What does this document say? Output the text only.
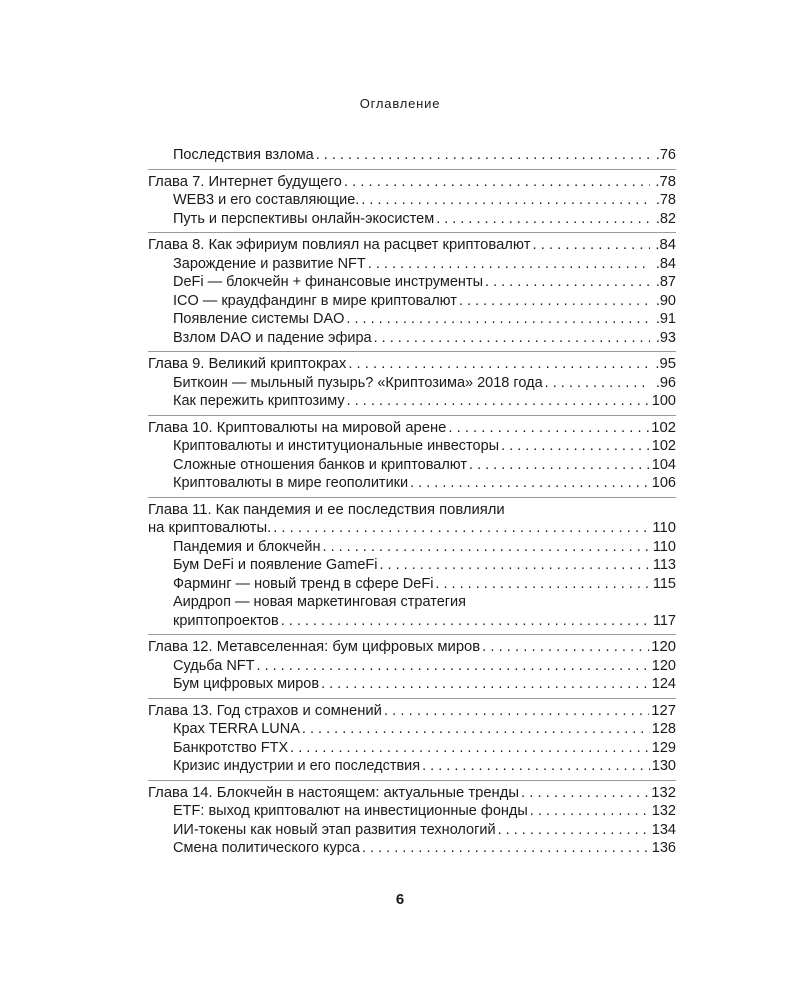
Оглавление
Последствия взлома . . .	.76
Глава 7. Интернет будущего . . .	.78
WEB3 и его составляющие. . . .	.78
Путь и перспективы онлайн-экосистем . . .	.82
Глава 8. Как эфириум повлиял на расцвет криптовалют . . .	.84
Зарождение и развитие NFT . . .	.84
DeFi — блокчейн + финансовые инструменты . . .	.87
ICO — краудфандинг в мире криптовалют . . .	.90
Появление системы DAO . . .	.91
Взлом DAO и падение эфира . . .	.93
Глава 9. Великий криптокрах . . .	.95
Биткоин — мыльный пузырь? «Криптозима» 2018 года . . .	.96
Как пережить криптозиму . . .	100
Глава 10. Криптовалюты на мировой арене . . .	102
Криптовалюты и институциональные инвесторы . . .	102
Сложные отношения банков и криптовалют . . .	104
Криптовалюты в мире геополитики . . .	106
Глава 11. Как пандемия и ее последствия повлияли
на криптовалюты. . . .	110
Пандемия и блокчейн . . .	110
Бум DeFi и появление GameFi . . .	113
Фарминг — новый тренд в сфере DeFi . . .	115
Аирдроп — новая маркетинговая стратегия
криптопроектов . . .	117
Глава 12. Метавселенная: бум цифровых миров . . .	120
Судьба NFT . . .	120
Бум цифровых миров . . .	124
Глава 13. Год страхов и сомнений . . .	127
Крах TERRA LUNA . . .	128
Банкротство FTX . . .	129
Кризис индустрии и его последствия . . .	130
Глава 14. Блокчейн в настоящем: актуальные тренды . . .	132
ETF: выход криптовалют на инвестиционные фонды . . .	132
ИИ-токены как новый этап развития технологий . . .	134
Смена политического курса . . .	136
6
